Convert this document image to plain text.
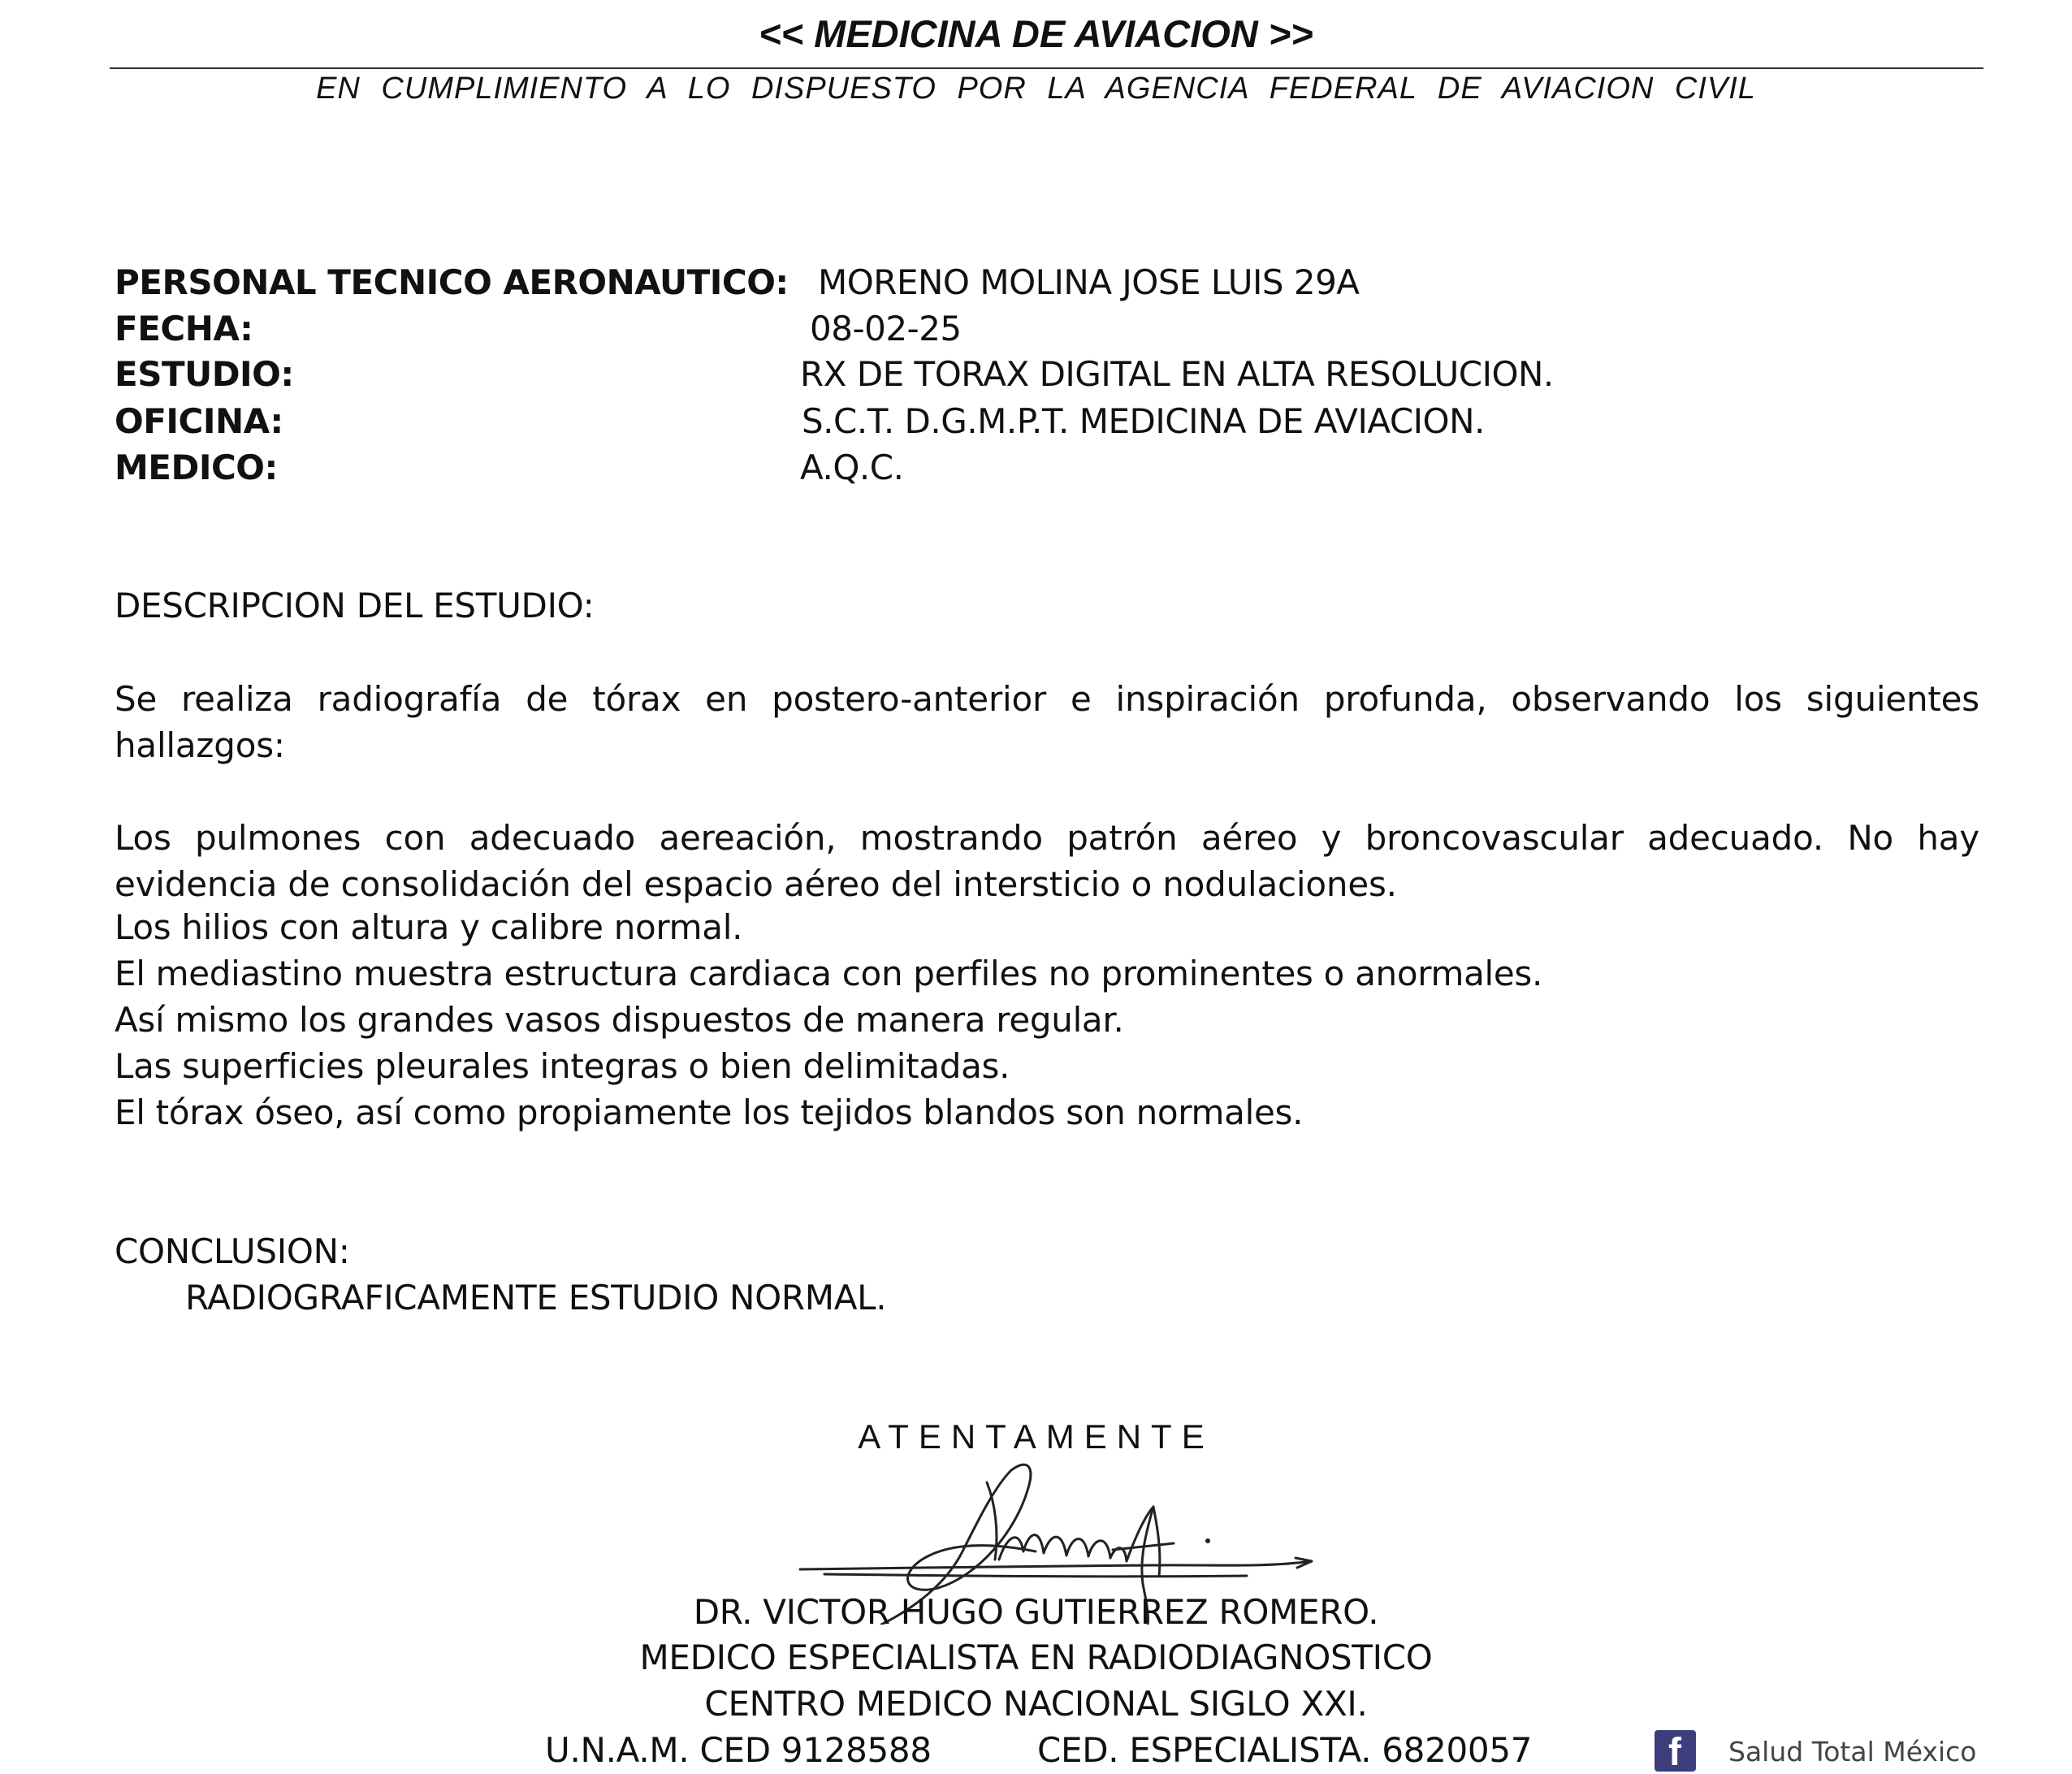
<< MEDICINA DE AVIACION >>
EN CUMPLIMIENTO A LO DISPUESTO POR LA AGENCIA FEDERAL DE AVIACION CIVIL
PERSONAL TECNICO AERONAUTICO: MORENO MOLINA JOSE LUIS 29A
FECHA:	08-02-25
ESTUDIO:	RX DE TORAX DIGITAL EN ALTA RESOLUCION.
OFICINA:	S.C.T. D.G.M.P.T. MEDICINA DE AVIACION.
MEDICO:	A.Q.C.
DESCRIPCION DEL ESTUDIO:
Se realiza radiografía de tórax en postero-anterior e inspiración profunda, observando los siguientes hallazgos:
Los pulmones con adecuado aereación, mostrando patrón aéreo y broncovascular adecuado. No hay evidencia de consolidación del espacio aéreo del intersticio o nodulaciones.
Los hilios con altura y calibre normal.
El mediastino muestra estructura cardiaca con perfiles no prominentes o anormales.
Así mismo los grandes vasos dispuestos de manera regular.
Las superficies pleurales integras o bien delimitadas.
El tórax óseo, así como propiamente los tejidos blandos son normales.
CONCLUSION:
RADIOGRAFICAMENTE ESTUDIO NORMAL.
ATENTAMENTE
DR. VICTOR HUGO GUTIERREZ ROMERO.
MEDICO ESPECIALISTA EN RADIODIAGNOSTICO
CENTRO MEDICO NACIONAL SIGLO XXI.
U.N.A.M. CED 9128588	CED. ESPECIALISTA. 6820057	f Salud Total México
